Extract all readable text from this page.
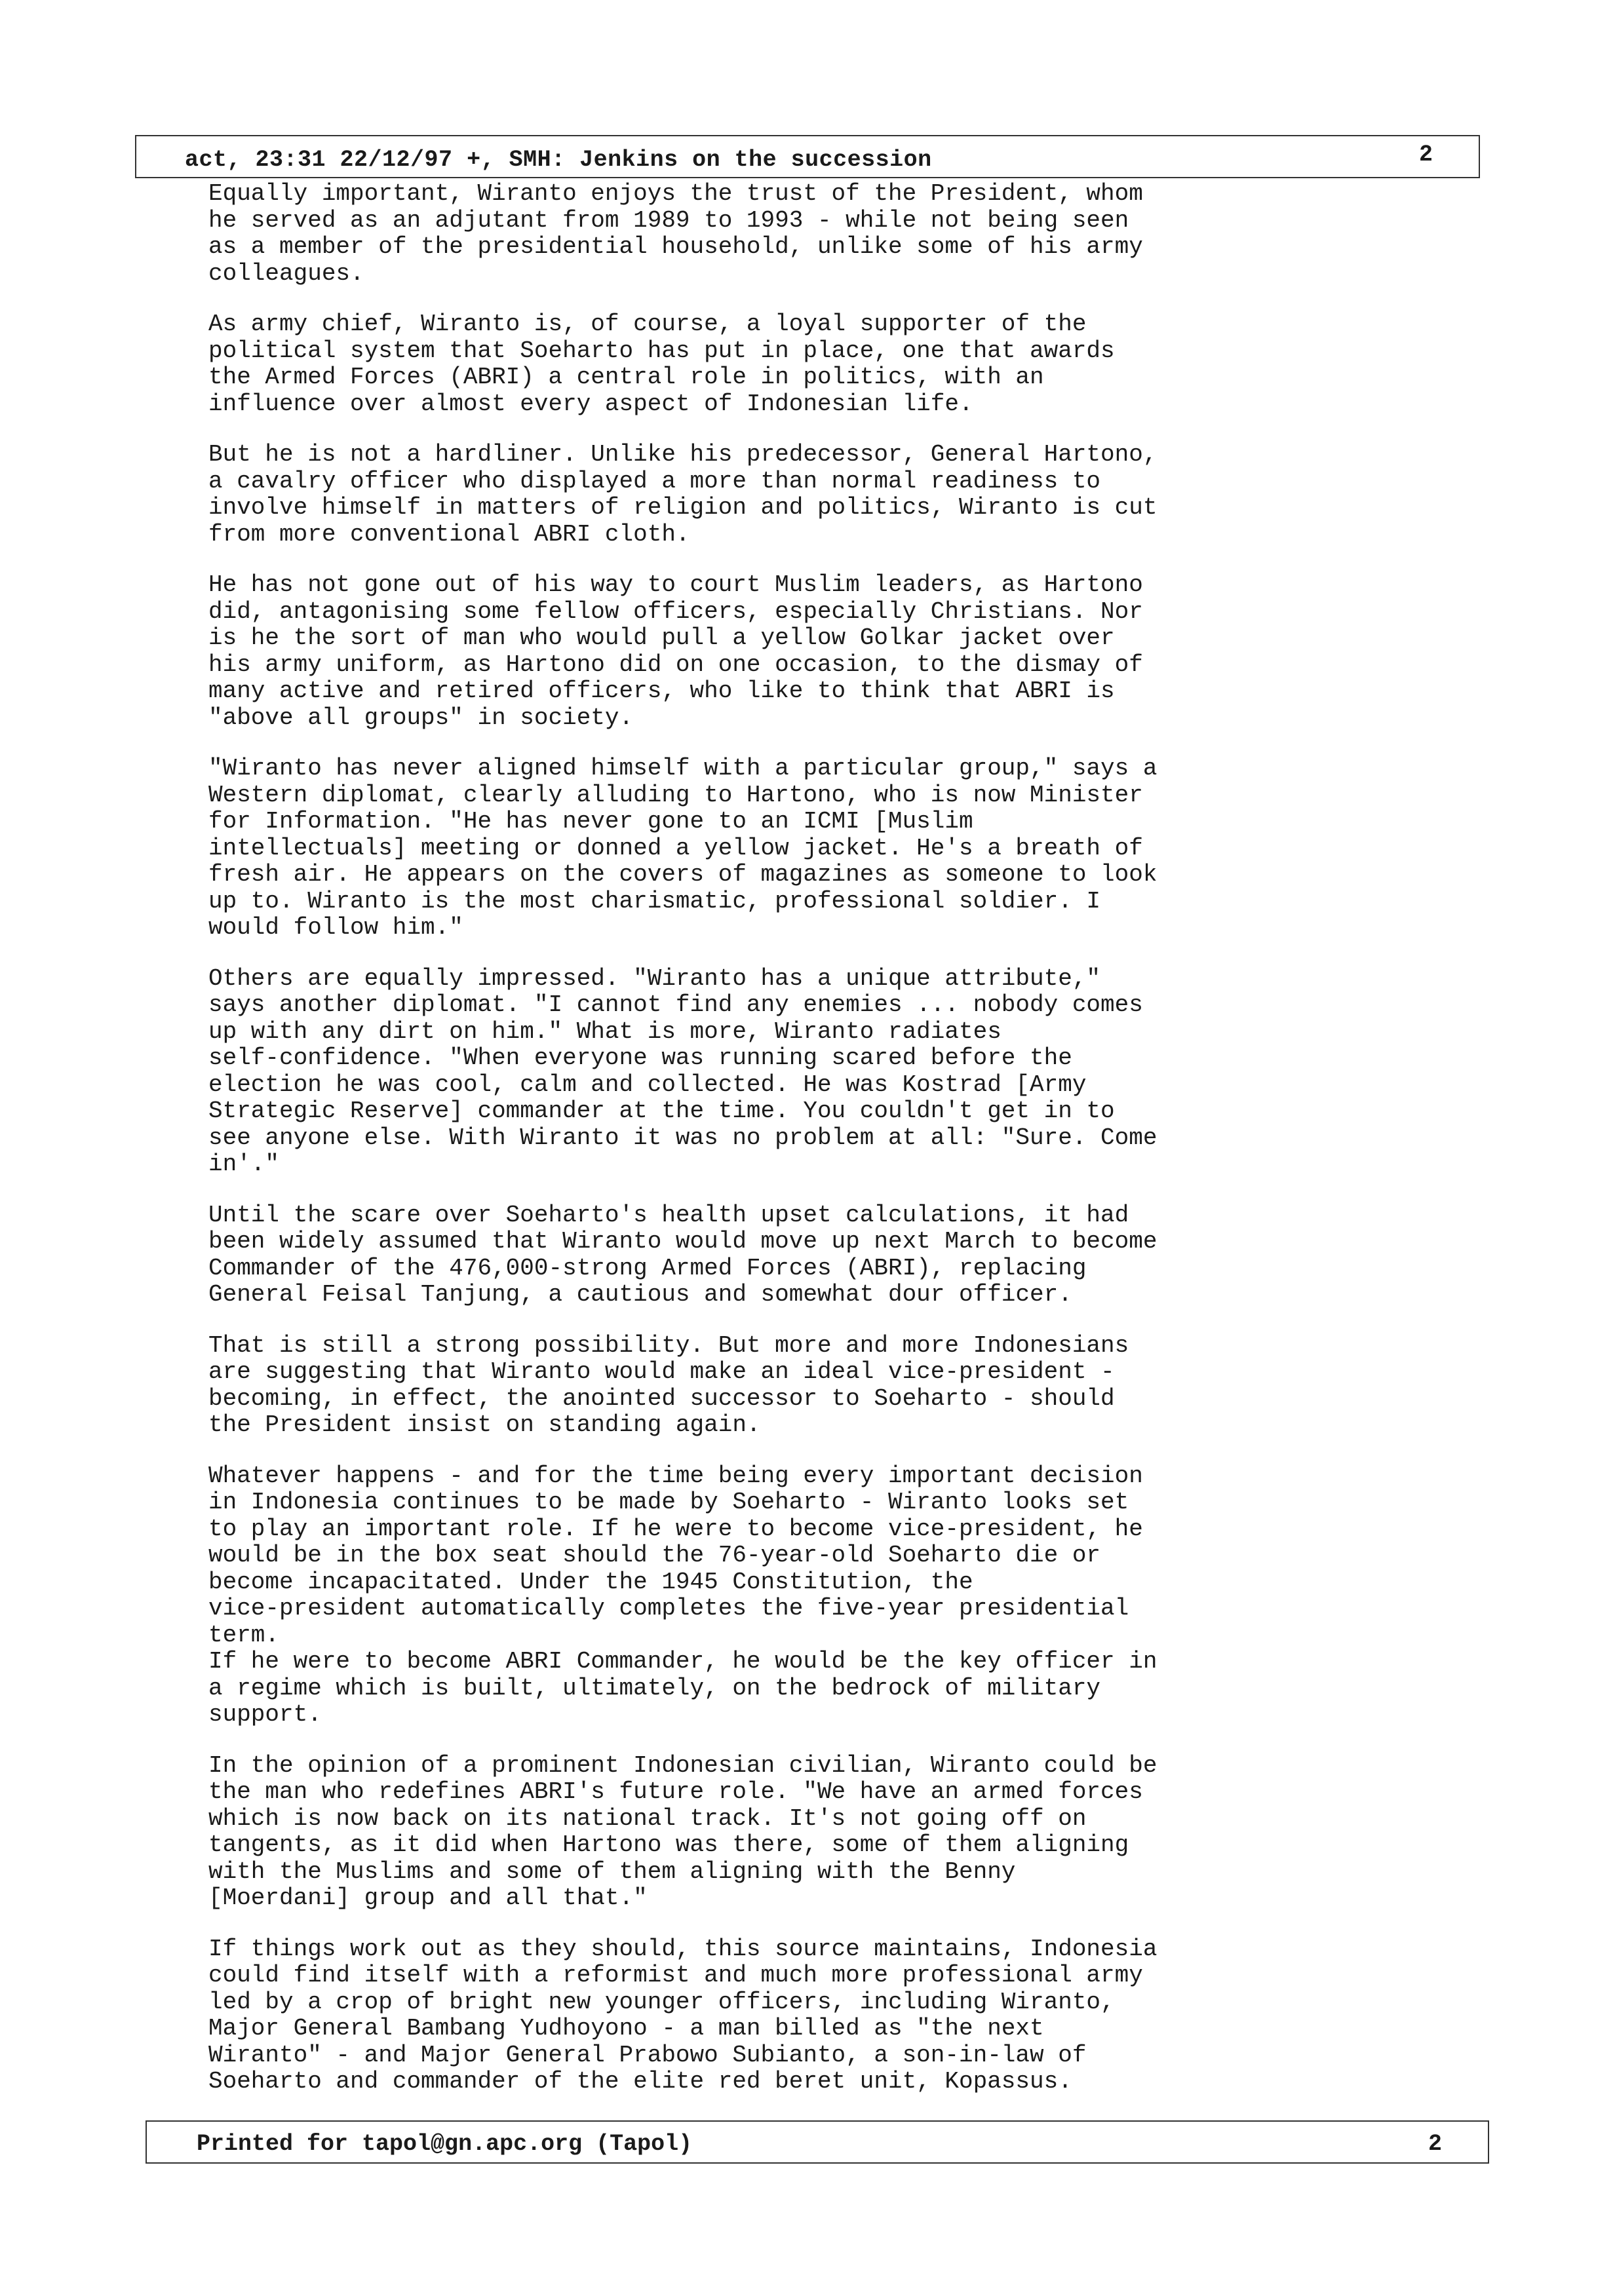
act, 23:31 22/12/97 +, SMH: Jenkins on the succession	2

Equally important, Wiranto enjoys the trust of the President, whom
he served as an adjutant from 1989 to 1993 - while not being seen
as a member of the presidential household, unlike some of his army
colleagues.

As army chief, Wiranto is, of course, a loyal supporter of the
political system that Soeharto has put in place, one that awards
the Armed Forces (ABRI) a central role in politics, with an
influence over almost every aspect of Indonesian life.

But he is not a hardliner. Unlike his predecessor, General Hartono,
a cavalry officer who displayed a more than normal readiness to
involve himself in matters of religion and politics, Wiranto is cut
from more conventional ABRI cloth.

He has not gone out of his way to court Muslim leaders, as Hartono
did, antagonising some fellow officers, especially Christians. Nor
is he the sort of man who would pull a yellow Golkar jacket over
his army uniform, as Hartono did on one occasion, to the dismay of
many active and retired officers, who like to think that ABRI is
"above all groups" in society.

"Wiranto has never aligned himself with a particular group," says a
Western diplomat, clearly alluding to Hartono, who is now Minister
for Information. "He has never gone to an ICMI [Muslim
intellectuals] meeting or donned a yellow jacket. He's a breath of
fresh air. He appears on the covers of magazines as someone to look
up to. Wiranto is the most charismatic, professional soldier. I
would follow him."

Others are equally impressed. "Wiranto has a unique attribute,"
says another diplomat. "I cannot find any enemies ... nobody comes
up with any dirt on him." What is more, Wiranto radiates
self-confidence. "When everyone was running scared before the
election he was cool, calm and collected. He was Kostrad [Army
Strategic Reserve] commander at the time. You couldn't get in to
see anyone else. With Wiranto it was no problem at all: "Sure. Come
in'."

Until the scare over Soeharto's health upset calculations, it had
been widely assumed that Wiranto would move up next March to become
Commander of the 476,000-strong Armed Forces (ABRI), replacing
General Feisal Tanjung, a cautious and somewhat dour officer.

That is still a strong possibility. But more and more Indonesians
are suggesting that Wiranto would make an ideal vice-president -
becoming, in effect, the anointed successor to Soeharto - should
the President insist on standing again.

Whatever happens - and for the time being every important decision
in Indonesia continues to be made by Soeharto - Wiranto looks set
to play an important role. If he were to become vice-president, he
would be in the box seat should the 76-year-old Soeharto die or
become incapacitated. Under the 1945 Constitution, the
vice-president automatically completes the five-year presidential
term.

If he were to become ABRI Commander, he would be the key officer in
a regime which is built, ultimately, on the bedrock of military
support.

In the opinion of a prominent Indonesian civilian, Wiranto could be
the man who redefines ABRI's future role. "We have an armed forces
which is now back on its national track. It's not going off on
tangents, as it did when Hartono was there, some of them aligning
with the Muslims and some of them aligning with the Benny
[Moerdani] group and all that."

If things work out as they should, this source maintains, Indonesia
could find itself with a reformist and much more professional army
led by a crop of bright new younger officers, including Wiranto,
Major General Bambang Yudhoyono - a man billed as "the next
Wiranto" - and Major General Prabowo Subianto, a son-in-law of
Soeharto and commander of the elite red beret unit, Kopassus.

Printed for tapol@gn.apc.org (Tapol)	2
